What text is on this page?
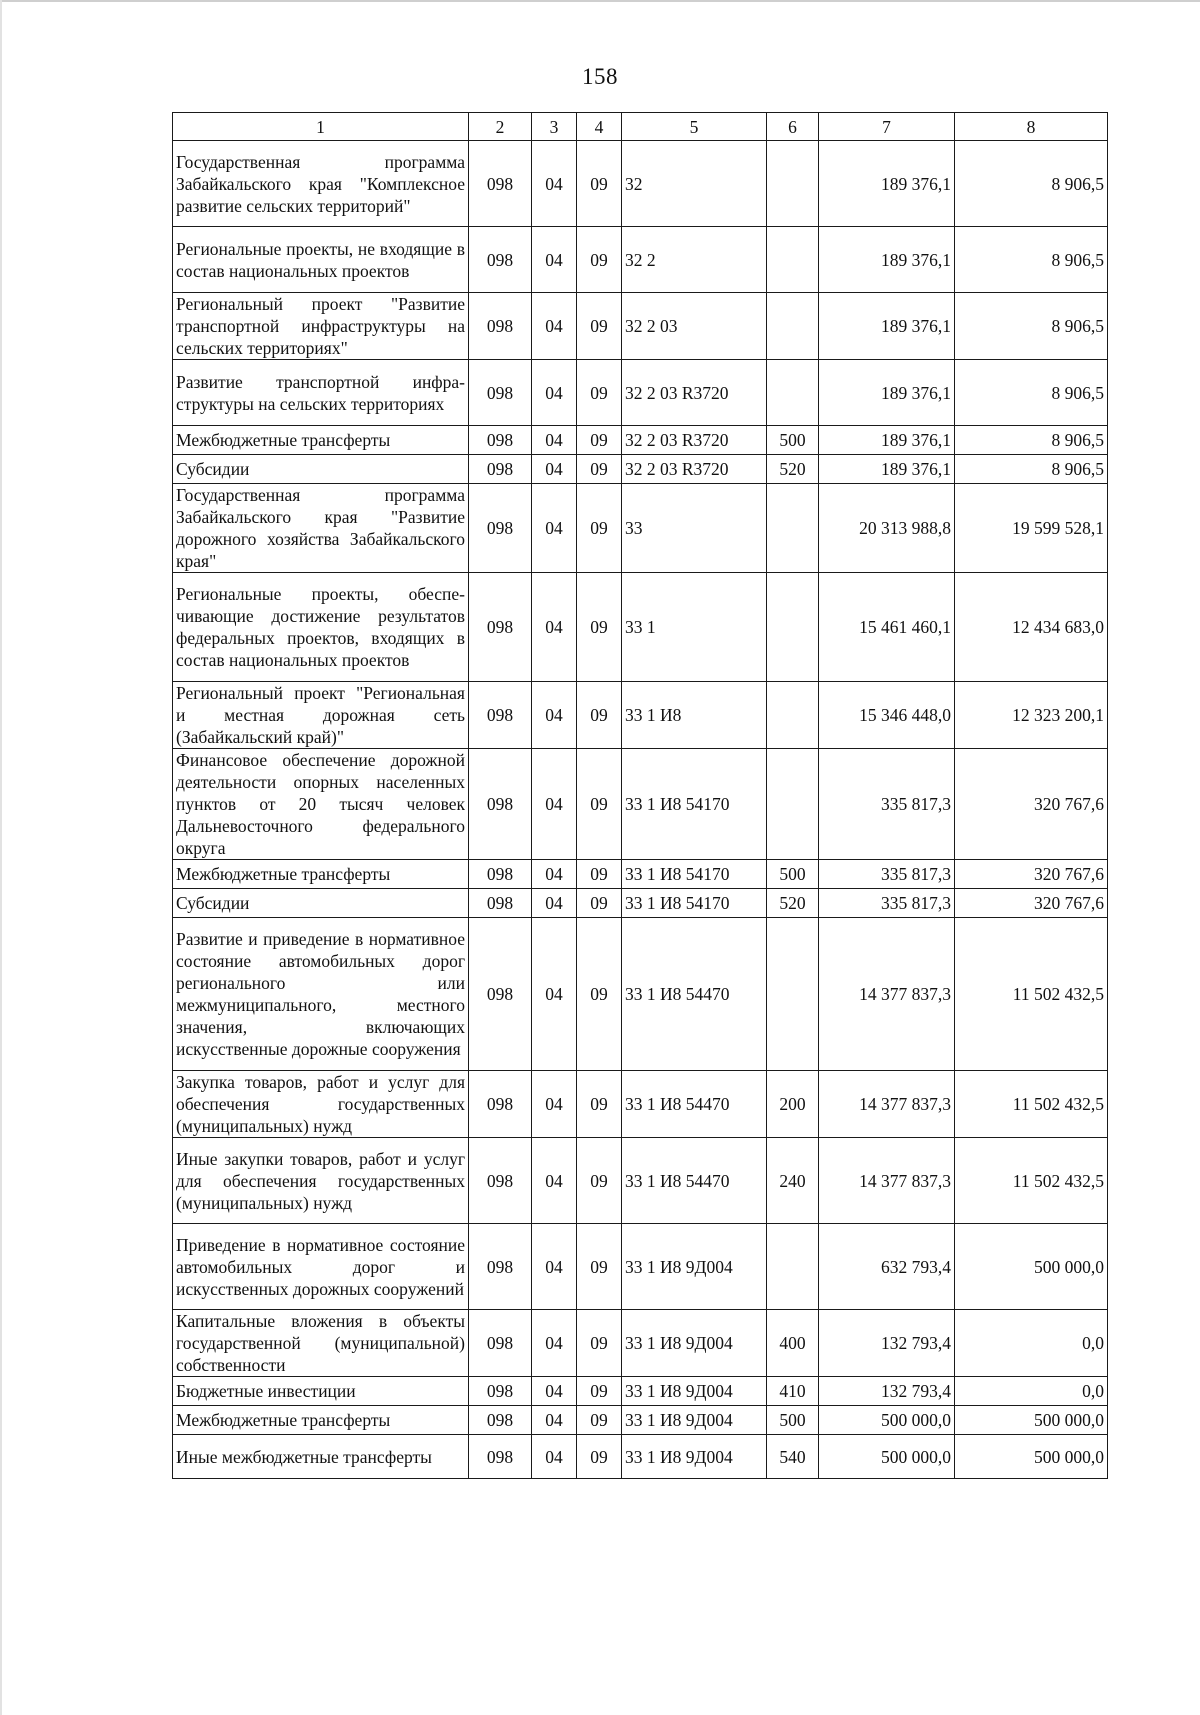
158
1	2	3	4	5	6	7	8
Государственная программа Забайкальского края "Комплексное развитие сельских территорий"	098	04	09	32		189 376,1	8 906,5
Региональные проекты, не входящие в состав национальных проектов	098	04	09	32 2		189 376,1	8 906,5
Региональный проект "Развитие транспортной инфраструктуры на сельских территориях"	098	04	09	32 2 03		189 376,1	8 906,5
Развитие транспортной инфраструктуры на сельских территориях	098	04	09	32 2 03 R3720		189 376,1	8 906,5
Межбюджетные трансферты	098	04	09	32 2 03 R3720	500	189 376,1	8 906,5
Субсидии	098	04	09	32 2 03 R3720	520	189 376,1	8 906,5
Государственная программа Забайкальского края "Развитие дорожного хозяйства Забайкальского края"	098	04	09	33		20 313 988,8	19 599 528,1
Региональные проекты, обеспечивающие достижение результатов федеральных проектов, входящих в состав национальных проектов	098	04	09	33 1		15 461 460,1	12 434 683,0
Региональный проект "Региональная и местная дорожная сеть (Забайкальский край)"	098	04	09	33 1 И8		15 346 448,0	12 323 200,1
Финансовое обеспечение дорожной деятельности опорных населенных пунктов от 20 тысяч человек Дальневосточного федерального округа	098	04	09	33 1 И8 54170		335 817,3	320 767,6
Межбюджетные трансферты	098	04	09	33 1 И8 54170	500	335 817,3	320 767,6
Субсидии	098	04	09	33 1 И8 54170	520	335 817,3	320 767,6
Развитие и приведение в нормативное состояние автомобильных дорог регионального или межмуниципального, местного значения, включающих искусственные дорожные сооружения	098	04	09	33 1 И8 54470		14 377 837,3	11 502 432,5
Закупка товаров, работ и услуг для обеспечения государственных (муниципальных) нужд	098	04	09	33 1 И8 54470	200	14 377 837,3	11 502 432,5
Иные закупки товаров, работ и услуг для обеспечения государственных (муниципальных) нужд	098	04	09	33 1 И8 54470	240	14 377 837,3	11 502 432,5
Приведение в нормативное состояние автомобильных дорог и искусственных дорожных сооружений	098	04	09	33 1 И8 9Д004		632 793,4	500 000,0
Капитальные вложения в объекты государственной (муниципальной) собственности	098	04	09	33 1 И8 9Д004	400	132 793,4	0,0
Бюджетные инвестиции	098	04	09	33 1 И8 9Д004	410	132 793,4	0,0
Межбюджетные трансферты	098	04	09	33 1 И8 9Д004	500	500 000,0	500 000,0
Иные межбюджетные трансферты	098	04	09	33 1 И8 9Д004	540	500 000,0	500 000,0
